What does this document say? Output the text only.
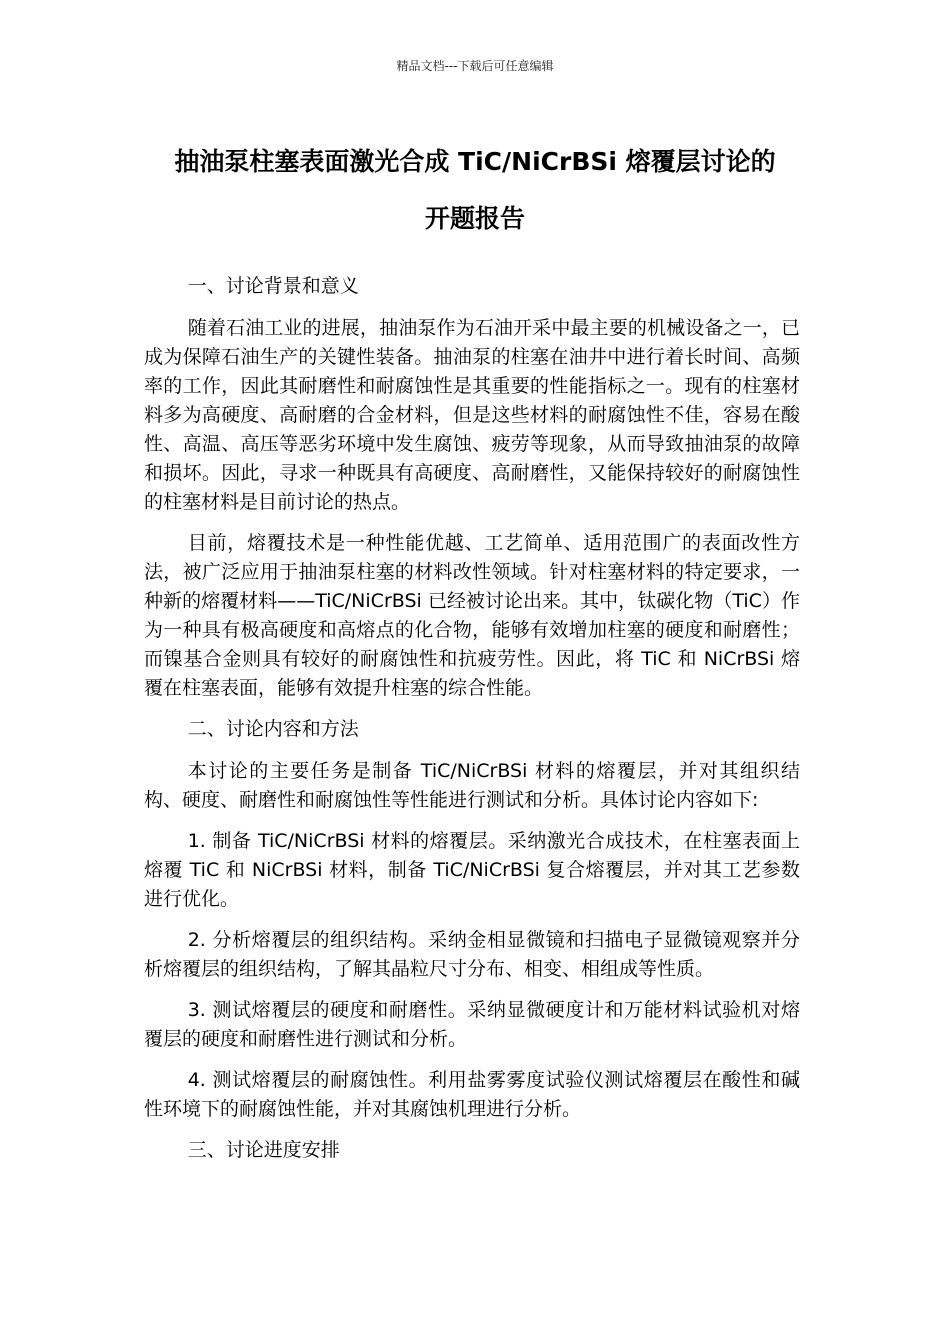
精品文档---下载后可任意编辑
抽油泵柱塞表面激光合成 TiC/NiCrBSi 熔覆层讨论的
开题报告

一、讨论背景和意义

随着石油工业的进展，抽油泵作为石油开采中最主要的机械设备之一，已成为保障石油生产的关键性装备。抽油泵的柱塞在油井中进行着长时间、高频率的工作，因此其耐磨性和耐腐蚀性是其重要的性能指标之一。现有的柱塞材料多为高硬度、高耐磨的合金材料，但是这些材料的耐腐蚀性不佳，容易在酸性、高温、高压等恶劣环境中发生腐蚀、疲劳等现象，从而导致抽油泵的故障和损坏。因此，寻求一种既具有高硬度、高耐磨性，又能保持较好的耐腐蚀性的柱塞材料是目前讨论的热点。

目前，熔覆技术是一种性能优越、工艺简单、适用范围广的表面改性方法，被广泛应用于抽油泵柱塞的材料改性领域。针对柱塞材料的特定要求，一种新的熔覆材料——TiC/NiCrBSi 已经被讨论出来。其中，钛碳化物（TiC）作为一种具有极高硬度和高熔点的化合物，能够有效增加柱塞的硬度和耐磨性；而镍基合金则具有较好的耐腐蚀性和抗疲劳性。因此，将 TiC 和 NiCrBSi 熔覆在柱塞表面，能够有效提升柱塞的综合性能。

二、讨论内容和方法

本讨论的主要任务是制备 TiC/NiCrBSi 材料的熔覆层，并对其组织结构、硬度、耐磨性和耐腐蚀性等性能进行测试和分析。具体讨论内容如下:

1. 制备 TiC/NiCrBSi 材料的熔覆层。采纳激光合成技术，在柱塞表面上熔覆 TiC 和 NiCrBSi 材料，制备 TiC/NiCrBSi 复合熔覆层，并对其工艺参数进行优化。

2. 分析熔覆层的组织结构。采纳金相显微镜和扫描电子显微镜观察并分析熔覆层的组织结构，了解其晶粒尺寸分布、相变、相组成等性质。

3. 测试熔覆层的硬度和耐磨性。采纳显微硬度计和万能材料试验机对熔覆层的硬度和耐磨性进行测试和分析。

4. 测试熔覆层的耐腐蚀性。利用盐雾雾度试验仪测试熔覆层在酸性和碱性环境下的耐腐蚀性能，并对其腐蚀机理进行分析。

三、讨论进度安排
